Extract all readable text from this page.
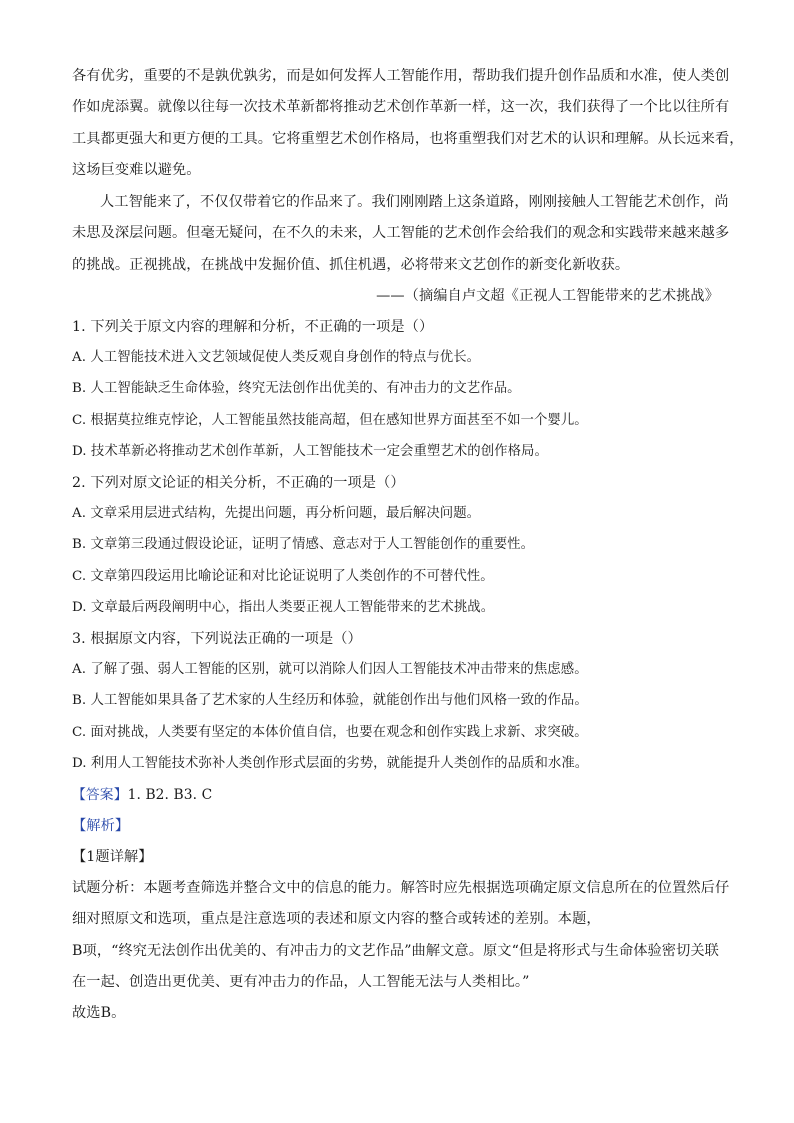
各有优劣，重要的不是孰优孰劣，而是如何发挥人工智能作用，帮助我们提升创作品质和水准，使人类创
作如虎添翼。就像以往每一次技术革新都将推动艺术创作革新一样，这一次，我们获得了一个比以往所有
工具都更强大和更方便的工具。它将重塑艺术创作格局，也将重塑我们对艺术的认识和理解。从长远来看，
这场巨变难以避免。
人工智能来了，不仅仅带着它的作品来了。我们刚刚踏上这条道路，刚刚接触人工智能艺术创作，尚
未思及深层问题。但毫无疑问，在不久的未来，人工智能的艺术创作会给我们的观念和实践带来越来越多
的挑战。正视挑战，在挑战中发掘价值、抓住机遇，必将带来文艺创作的新变化新收获。
——（摘编自卢文超《正视人工智能带来的艺术挑战》
1. 下列关于原文内容的理解和分析，不正确的一项是（）
A. 人工智能技术进入文艺领域促使人类反观自身创作的特点与优长。
B. 人工智能缺乏生命体验，终究无法创作出优美的、有冲击力的文艺作品。
C. 根据莫拉维克悖论，人工智能虽然技能高超，但在感知世界方面甚至不如一个婴儿。
D. 技术革新必将推动艺术创作革新，人工智能技术一定会重塑艺术的创作格局。
2. 下列对原文论证的相关分析，不正确的一项是（）
A. 文章采用层进式结构，先提出问题，再分析问题，最后解决问题。
B. 文章第三段通过假设论证，证明了情感、意志对于人工智能创作的重要性。
C. 文章第四段运用比喻论证和对比论证说明了人类创作的不可替代性。
D. 文章最后两段阐明中心，指出人类要正视人工智能带来的艺术挑战。
3. 根据原文内容，下列说法正确的一项是（）
A. 了解了强、弱人工智能的区别，就可以消除人们因人工智能技术冲击带来的焦虑感。
B. 人工智能如果具备了艺术家的人生经历和体验，就能创作出与他们风格一致的作品。
C. 面对挑战，人类要有坚定的本体价值自信，也要在观念和创作实践上求新、求突破。
D. 利用人工智能技术弥补人类创作形式层面的劣势，就能提升人类创作的品质和水准。
【答案】1. B2. B3. C
【解析】
【1题详解】
试题分析：本题考查筛选并整合文中的信息的能力。解答时应先根据选项确定原文信息所在的位置然后仔
细对照原文和选项，重点是注意选项的表述和原文内容的整合或转述的差别。本题，
B项，“终究无法创作出优美的、有冲击力的文艺作品”曲解文意。原文“但是将形式与生命体验密切关联
在一起、创造出更优美、更有冲击力的作品，人工智能无法与人类相比。”
故选B。
